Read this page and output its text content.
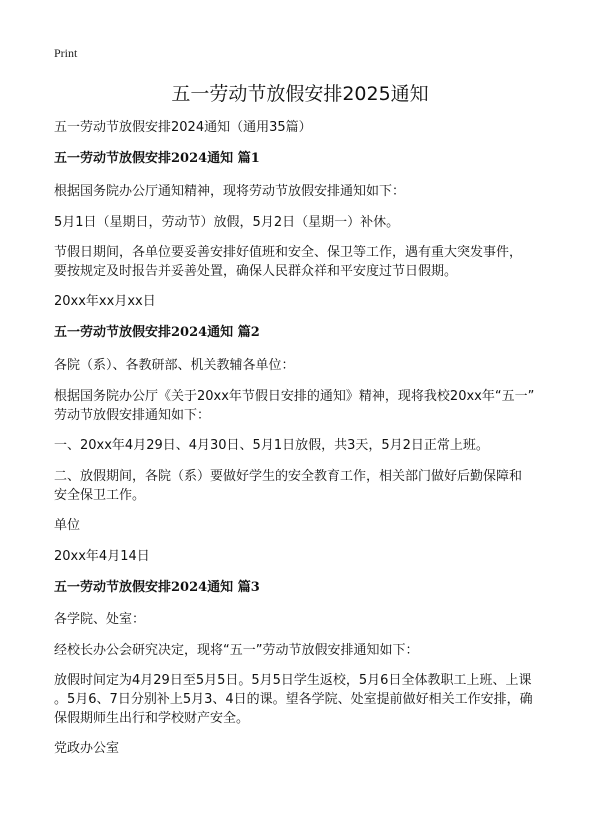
Print
五一劳动节放假安排2025通知
五一劳动节放假安排2024通知（通用35篇）
五一劳动节放假安排2024通知 篇1
根据国务院办公厅通知精神，现将劳动节放假安排通知如下：
5月1日（星期日，劳动节）放假，5月2日（星期一）补休。
节假日期间，各单位要妥善安排好值班和安全、保卫等工作，遇有重大突发事件，
要按规定及时报告并妥善处置，确保人民群众祥和平安度过节日假期。
20xx年xx月xx日
五一劳动节放假安排2024通知 篇2
各院（系）、各教研部、机关教辅各单位：
根据国务院办公厅《关于20xx年节假日安排的通知》精神，现将我校20xx年“五一”
劳动节放假安排通知如下：
一、20xx年4月29日、4月30日、5月1日放假，共3天，5月2日正常上班。
二、放假期间，各院（系）要做好学生的安全教育工作，相关部门做好后勤保障和
安全保卫工作。
单位
20xx年4月14日
五一劳动节放假安排2024通知 篇3
各学院、处室：
经校长办公会研究决定，现将“五一”劳动节放假安排通知如下：
放假时间定为4月29日至5月5日。5月5日学生返校，5月6日全体教职工上班、上课
。5月6、7日分别补上5月3、4日的课。望各学院、处室提前做好相关工作安排，确
保假期师生出行和学校财产安全。
党政办公室
